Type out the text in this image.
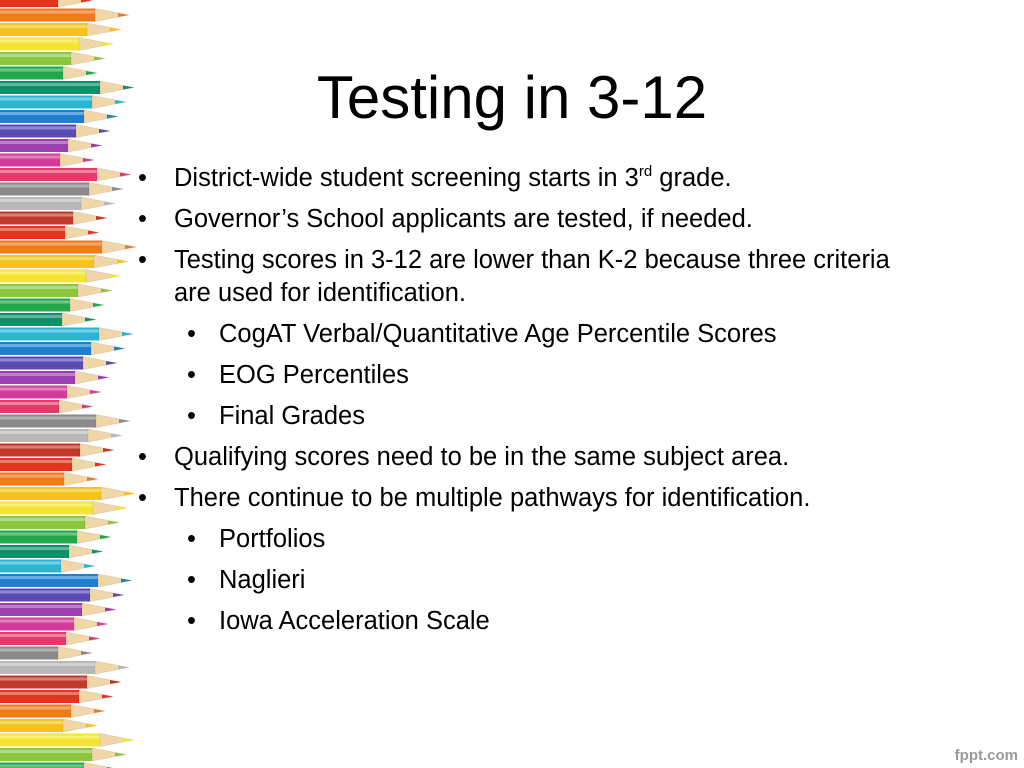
Testing in 3-12
• District-wide student screening starts in 3rd grade.
• Governor’s School applicants are tested, if needed.
• Testing scores in 3-12 are lower than K-2 because three criteria are used for identification.
• CogAT Verbal/Quantitative Age Percentile Scores
• EOG Percentiles
• Final Grades
• Qualifying scores need to be in the same subject area.
• There continue to be multiple pathways for identification.
• Portfolios
• Naglieri
• Iowa Acceleration Scale
fppt.com
